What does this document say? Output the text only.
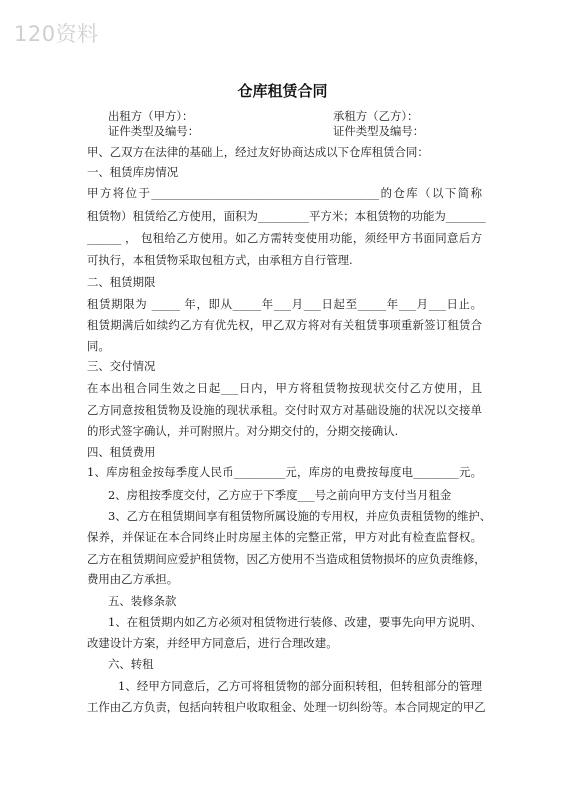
120资料
仓库租赁合同
出租方（甲方）：	承租方（乙方）：
证件类型及编号：	证件类型及编号：
甲、乙双方在法律的基础上，经过友好协商达成以下仓库租赁合同：
一、租赁库房情况
甲方将位于________________________________________的仓库（以下简称
租赁物）租赁给乙方使用，面积为_________平方米；本租赁物的功能为_______
______ ， 包租给乙方使用。如乙方需转变使用功能，须经甲方书面同意后方
可执行，本租赁物采取包租方式，由承租方自行管理.
二、租赁期限
租赁期限为 _____ 年，即从_____年___月___日起至_____年___月___日止。
租赁期满后如续约乙方有优先权，甲乙双方将对有关租赁事项重新签订租赁合
同。
三、交付情况
在本出租合同生效之日起___日内，甲方将租赁物按现状交付乙方使用，且
乙方同意按租赁物及设施的现状承租。交付时双方对基础设施的状况以交接单
的形式签字确认，并可附照片。对分期交付的，分期交接确认.
四、租赁费用
1、库房租金按每季度人民币_________元，库房的电费按每度电________元。
2、房租按季度交付，乙方应于下季度___号之前向甲方支付当月租金
3、乙方在租赁期间享有租赁物所属设施的专用权，并应负责租赁物的维护、
保养，并保证在本合同终止时房屋主体的完整正常，甲方对此有检查监督权。
乙方在租赁期间应爱护租赁物，因乙方使用不当造成租赁物损坏的应负责维修，
费用由乙方承担。
五、装修条款
1、在租赁期内如乙方必须对租赁物进行装修、改建，要事先向甲方说明、
改建设计方案，并经甲方同意后，进行合理改建。
六、转租
1、经甲方同意后，乙方可将租赁物的部分面积转租，但转租部分的管理
工作由乙方负责，包括向转租户收取租金、处理一切纠纷等。本合同规定的甲乙
